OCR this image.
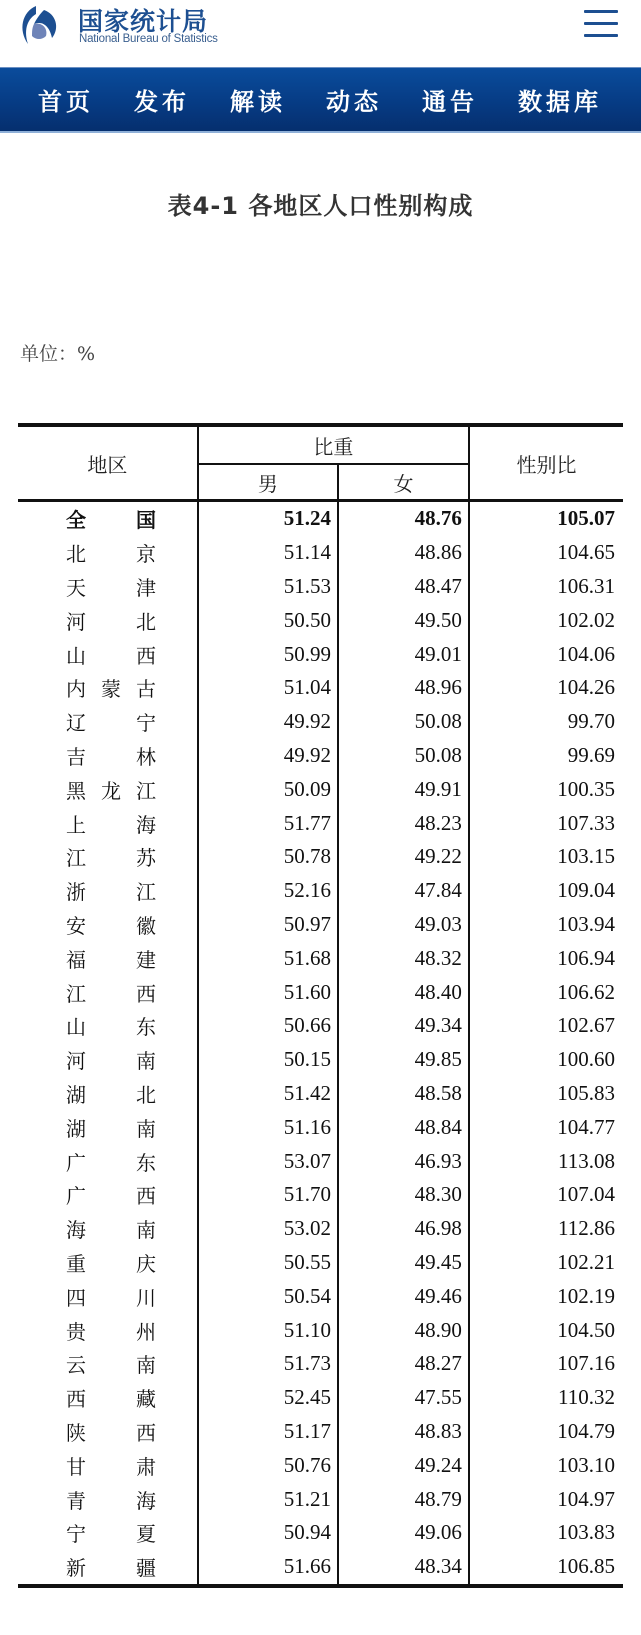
国家统计局
National Bureau of Statistics
首页 发布 解读 动态 通告 数据库
表4-1 各地区人口性别构成
单位：%
地区	比重		性别比
	男	女	

全国	51.24	48.76	105.07

北京	51.14	48.86	104.65

天津	51.53	48.47	106.31

河北	50.50	49.50	102.02

山西	50.99	49.01	104.06

内蒙古	51.04	48.96	104.26

辽宁	49.92	50.08	99.70

吉林	49.92	50.08	99.69

黑龙江	50.09	49.91	100.35

上海	51.77	48.23	107.33

江苏	50.78	49.22	103.15

浙江	52.16	47.84	109.04

安徽	50.97	49.03	103.94

福建	51.68	48.32	106.94

江西	51.60	48.40	106.62

山东	50.66	49.34	102.67

河南	50.15	49.85	100.60

湖北	51.42	48.58	105.83

湖南	51.16	48.84	104.77

广东	53.07	46.93	113.08

广西	51.70	48.30	107.04

海南	53.02	46.98	112.86

重庆	50.55	49.45	102.21

四川	50.54	49.46	102.19

贵州	51.10	48.90	104.50

云南	51.73	48.27	107.16

西藏	52.45	47.55	110.32

陕西	51.17	48.83	104.79

甘肃	50.76	49.24	103.10

青海	51.21	48.79	104.97

宁夏	50.94	49.06	103.83

新疆	51.66	48.34	106.85
